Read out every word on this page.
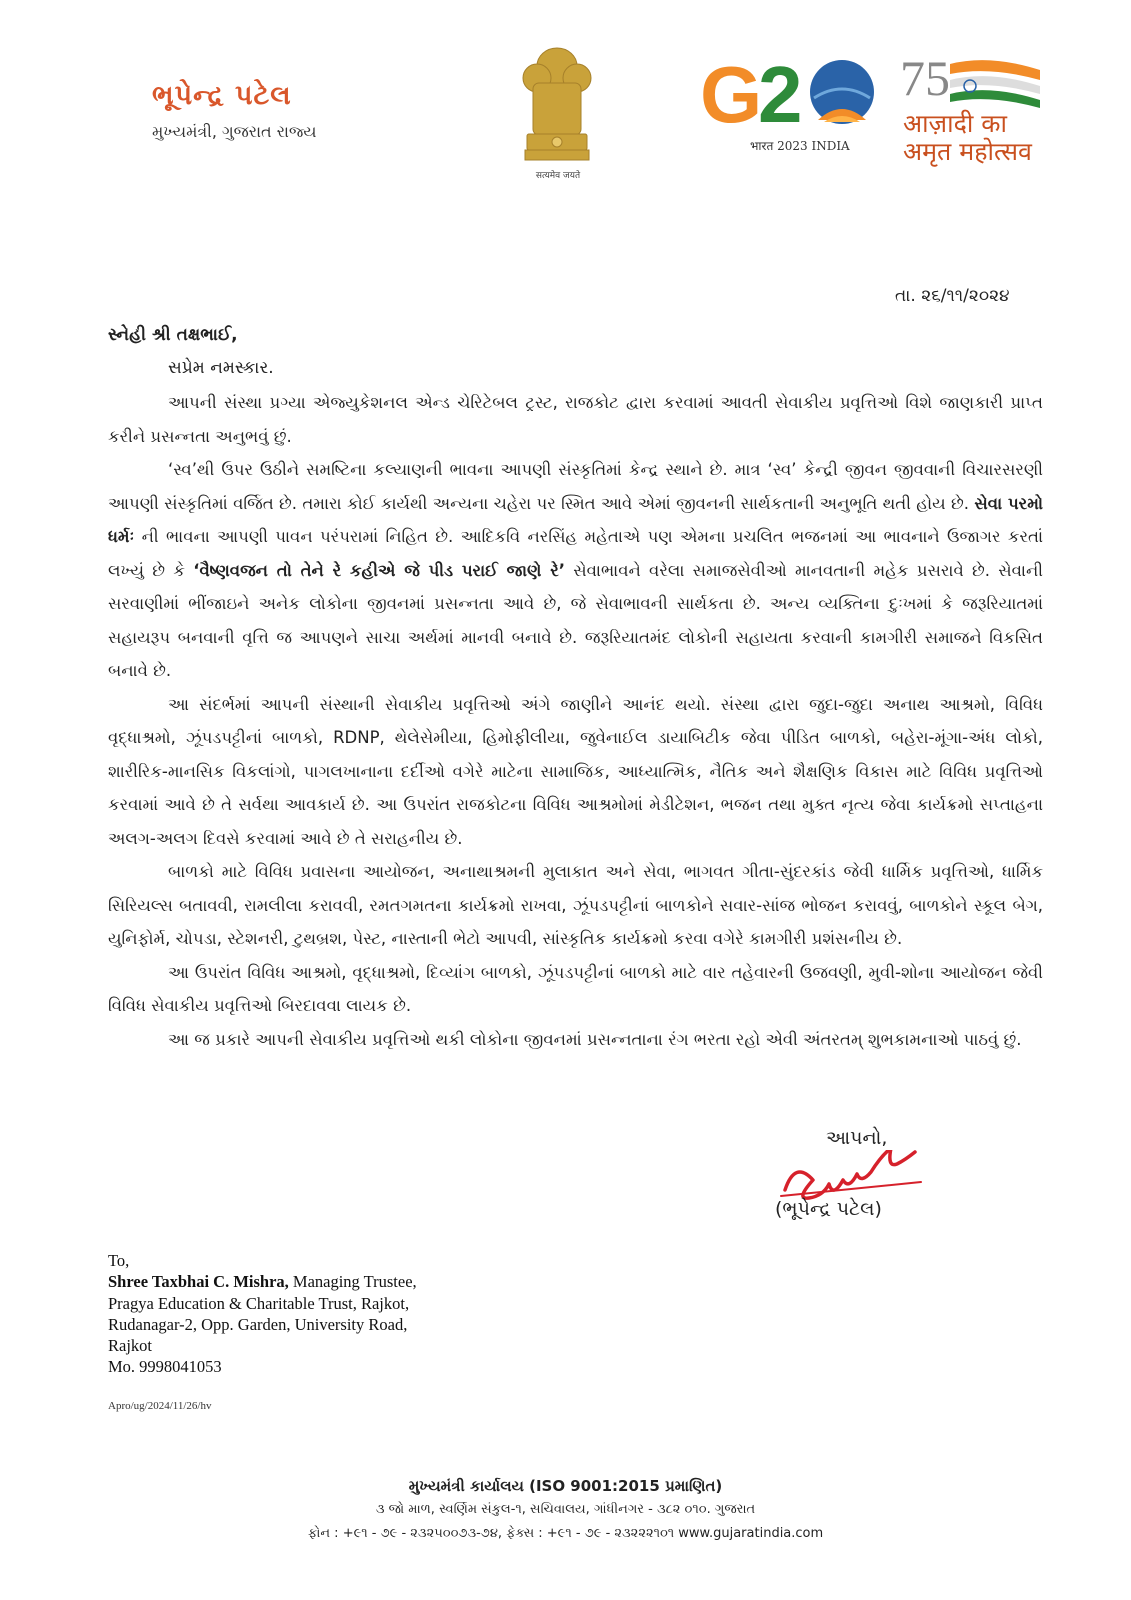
ભૂપેન્દ્ર પટેલ
મુખ્યમંત્રી, ગુજરાત રાજ્ય
सत्यमेव जयते
G
2
भारत 2023 INDIA
75
आज़ादी का
अमृत महोत्सव
તા. ૨૬/૧૧/૨૦૨૪
સ્નેહી શ્રી તક્ષભાઈ,
સપ્રેમ નમસ્કાર.

આપની સંસ્થા પ્રગ્યા એજ્યુકેશનલ એન્ડ ચેરિટેબલ ટ્રસ્ટ, રાજકોટ દ્વારા કરવામાં આવતી સેવાકીય પ્રવૃત્તિઓ વિશે જાણકારી પ્રાપ્ત કરીને પ્રસન્નતા અનુભવું છું.

‘સ્વ’થી ઉપર ઉઠીને સમષ્ટિના કલ્યાણની ભાવના આપણી સંસ્કૃતિમાં કેન્દ્ર સ્થાને છે. માત્ર ‘સ્વ’ કેન્દ્રી જીવન જીવવાની વિચારસરણી આપણી સંસ્કૃતિમાં વર્જિત છે. તમારા કોઈ કાર્યથી અન્યના ચહેરા પર સ્મિત આવે એમાં જીવનની સાર્થકતાની અનુભૂતિ થતી હોય છે. સેવા પરમો ધર્મઃ ની ભાવના આપણી પાવન પરંપરામાં નિહિત છે. આદિકવિ નરસિંહ મહેતાએ પણ એમના પ્રચલિત ભજનમાં આ ભાવનાને ઉજાગર કરતાં લખ્યું છે કે ‘વૈષ્ણવજન તો તેને રે કહીએ જે પીડ પરાઈ જાણે રે’ સેવાભાવને વરેલા સમાજસેવીઓ માનવતાની મહેક પ્રસરાવે છે. સેવાની સરવાણીમાં ભીંજાઇને અનેક લોકોના જીવનમાં પ્રસન્નતા આવે છે, જે સેવાભાવની સાર્થકતા છે. અન્ય વ્યક્તિના દુઃખમાં કે જરૂરિયાતમાં સહાયરૂપ બનવાની વૃત્તિ જ આપણને સાચા અર્થમાં માનવી બનાવે છે. જરૂરિયાતમંદ લોકોની સહાયતા કરવાની કામગીરી સમાજને વિકસિત બનાવે છે.

આ સંદર્ભમાં આપની સંસ્થાની સેવાકીય પ્રવૃત્તિઓ અંગે જાણીને આનંદ થયો. સંસ્થા દ્વારા જુદા-જુદા અનાથ આશ્રમો, વિવિધ વૃદ્ધાશ્રમો, ઝૂંપડપટ્ટીનાં બાળકો, RDNP, થેલેસેમીયા, હિમોફીલીયા, જુવેનાઈલ ડાયાબિટીક જેવા પીડિત બાળકો, બહેરા-મૂંગા-અંધ લોકો, શારીરિક-માનસિક વિકલાંગો, પાગલખાનાના દર્દીઓ વગેરે માટેના સામાજિક, આધ્યાત્મિક, નૈતિક અને શૈક્ષણિક વિકાસ માટે વિવિધ પ્રવૃત્તિઓ કરવામાં આવે છે તે સર્વથા આવકાર્ય છે. આ ઉપરાંત રાજકોટના વિવિધ આશ્રમોમાં મેડીટેશન, ભજન તથા મુક્ત નૃત્ય જેવા કાર્યક્રમો સપ્તાહના અલગ-અલગ દિવસે કરવામાં આવે છે તે સરાહનીય છે.

બાળકો માટે વિવિધ પ્રવાસના આયોજન, અનાથાશ્રમની મુલાકાત અને સેવા, ભાગવત ગીતા-સુંદરકાંડ જેવી ધાર્મિક પ્રવૃત્તિઓ, ધાર્મિક સિરિયલ્સ બતાવવી, રામલીલા કરાવવી, રમતગમતના કાર્યક્રમો રાખવા, ઝૂંપડપટ્ટીનાં બાળકોને સવાર-સાંજ ભોજન કરાવવું, બાળકોને સ્કૂલ બેગ, યુનિફોર્મ, ચોપડા, સ્ટેશનરી, ટુથબ્રશ, પેસ્ટ, નાસ્તાની ભેટો આપવી, સાંસ્કૃતિક કાર્યક્રમો કરવા વગેરે કામગીરી પ્રશંસનીય છે.

આ ઉપરાંત વિવિધ આશ્રમો, વૃદ્ધાશ્રમો, દિવ્યાંગ બાળકો, ઝૂંપડપટ્ટીનાં બાળકો માટે વાર તહેવારની ઉજવણી, મુવી-શોના આયોજન જેવી વિવિધ સેવાકીય પ્રવૃત્તિઓ બિરદાવવા લાયક છે.

આ જ પ્રકારે આપની સેવાકીય પ્રવૃત્તિઓ થકી લોકોના જીવનમાં પ્રસન્નતાના રંગ ભરતા રહો એવી અંતરતમ્ શુભકામનાઓ પાઠવું છું.

આપનો,
(ભૂપેન્દ્ર પટેલ)
To,
Shree Taxbhai C. Mishra, Managing Trustee,
Pragya Education & Charitable Trust, Rajkot,
Rudanagar-2, Opp. Garden, University Road,
Rajkot
Mo. 9998041053
Apro/ug/2024/11/26/hv
મુખ્યમંત્રી કાર્યાલય (ISO 9001:2015 પ્રમાણિત)
૩ જો માળ, સ્વર્ણિમ સંકુલ-૧, સચિવાલય, ગાંધીનગર - ૩૮૨ ૦૧૦. ગુજરાત
ફોન : +૯૧ - ૭૯ - ૨૩૨૫૦૦૭૩-૭૪, ફેક્સ : +૯૧ - ૭૯ - ૨૩૨૨૨૧૦૧ www.gujaratindia.com
